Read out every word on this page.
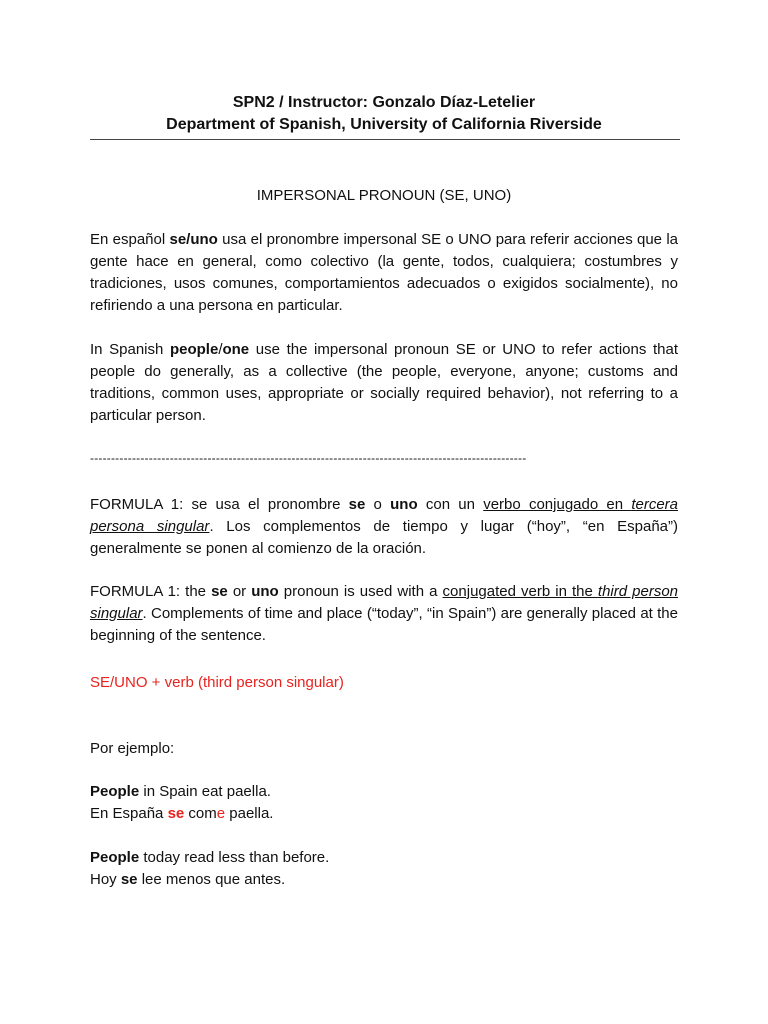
SPN2 / Instructor: Gonzalo Díaz-Letelier
Department of Spanish, University of California Riverside
IMPERSONAL PRONOUN (SE, UNO)
En español se/uno usa el pronombre impersonal SE o UNO para referir acciones que la gente hace en general, como colectivo (la gente, todos, cualquiera; costumbres y tradiciones, usos comunes, comportamientos adecuados o exigidos socialmente), no refiriendo a una persona en particular.
In Spanish people/one use the impersonal pronoun SE or UNO to refer actions that people do generally, as a collective (the people, everyone, anyone; customs and traditions, common uses, appropriate or socially required behavior), not referring to a particular person.
--------------------------------------------------------------------------------------------------------
FORMULA 1: se usa el pronombre se o uno con un verbo conjugado en tercera persona singular. Los complementos de tiempo y lugar (“hoy”, “en España”) generalmente se ponen al comienzo de la oración.
FORMULA 1: the se or uno pronoun is used with a conjugated verb in the third person singular. Complements of time and place (“today”, “in Spain”) are generally placed at the beginning of the sentence.
SE/UNO + verb (third person singular)
Por ejemplo:
People in Spain eat paella.
En España se come paella.
People today read less than before.
Hoy se lee menos que antes.
